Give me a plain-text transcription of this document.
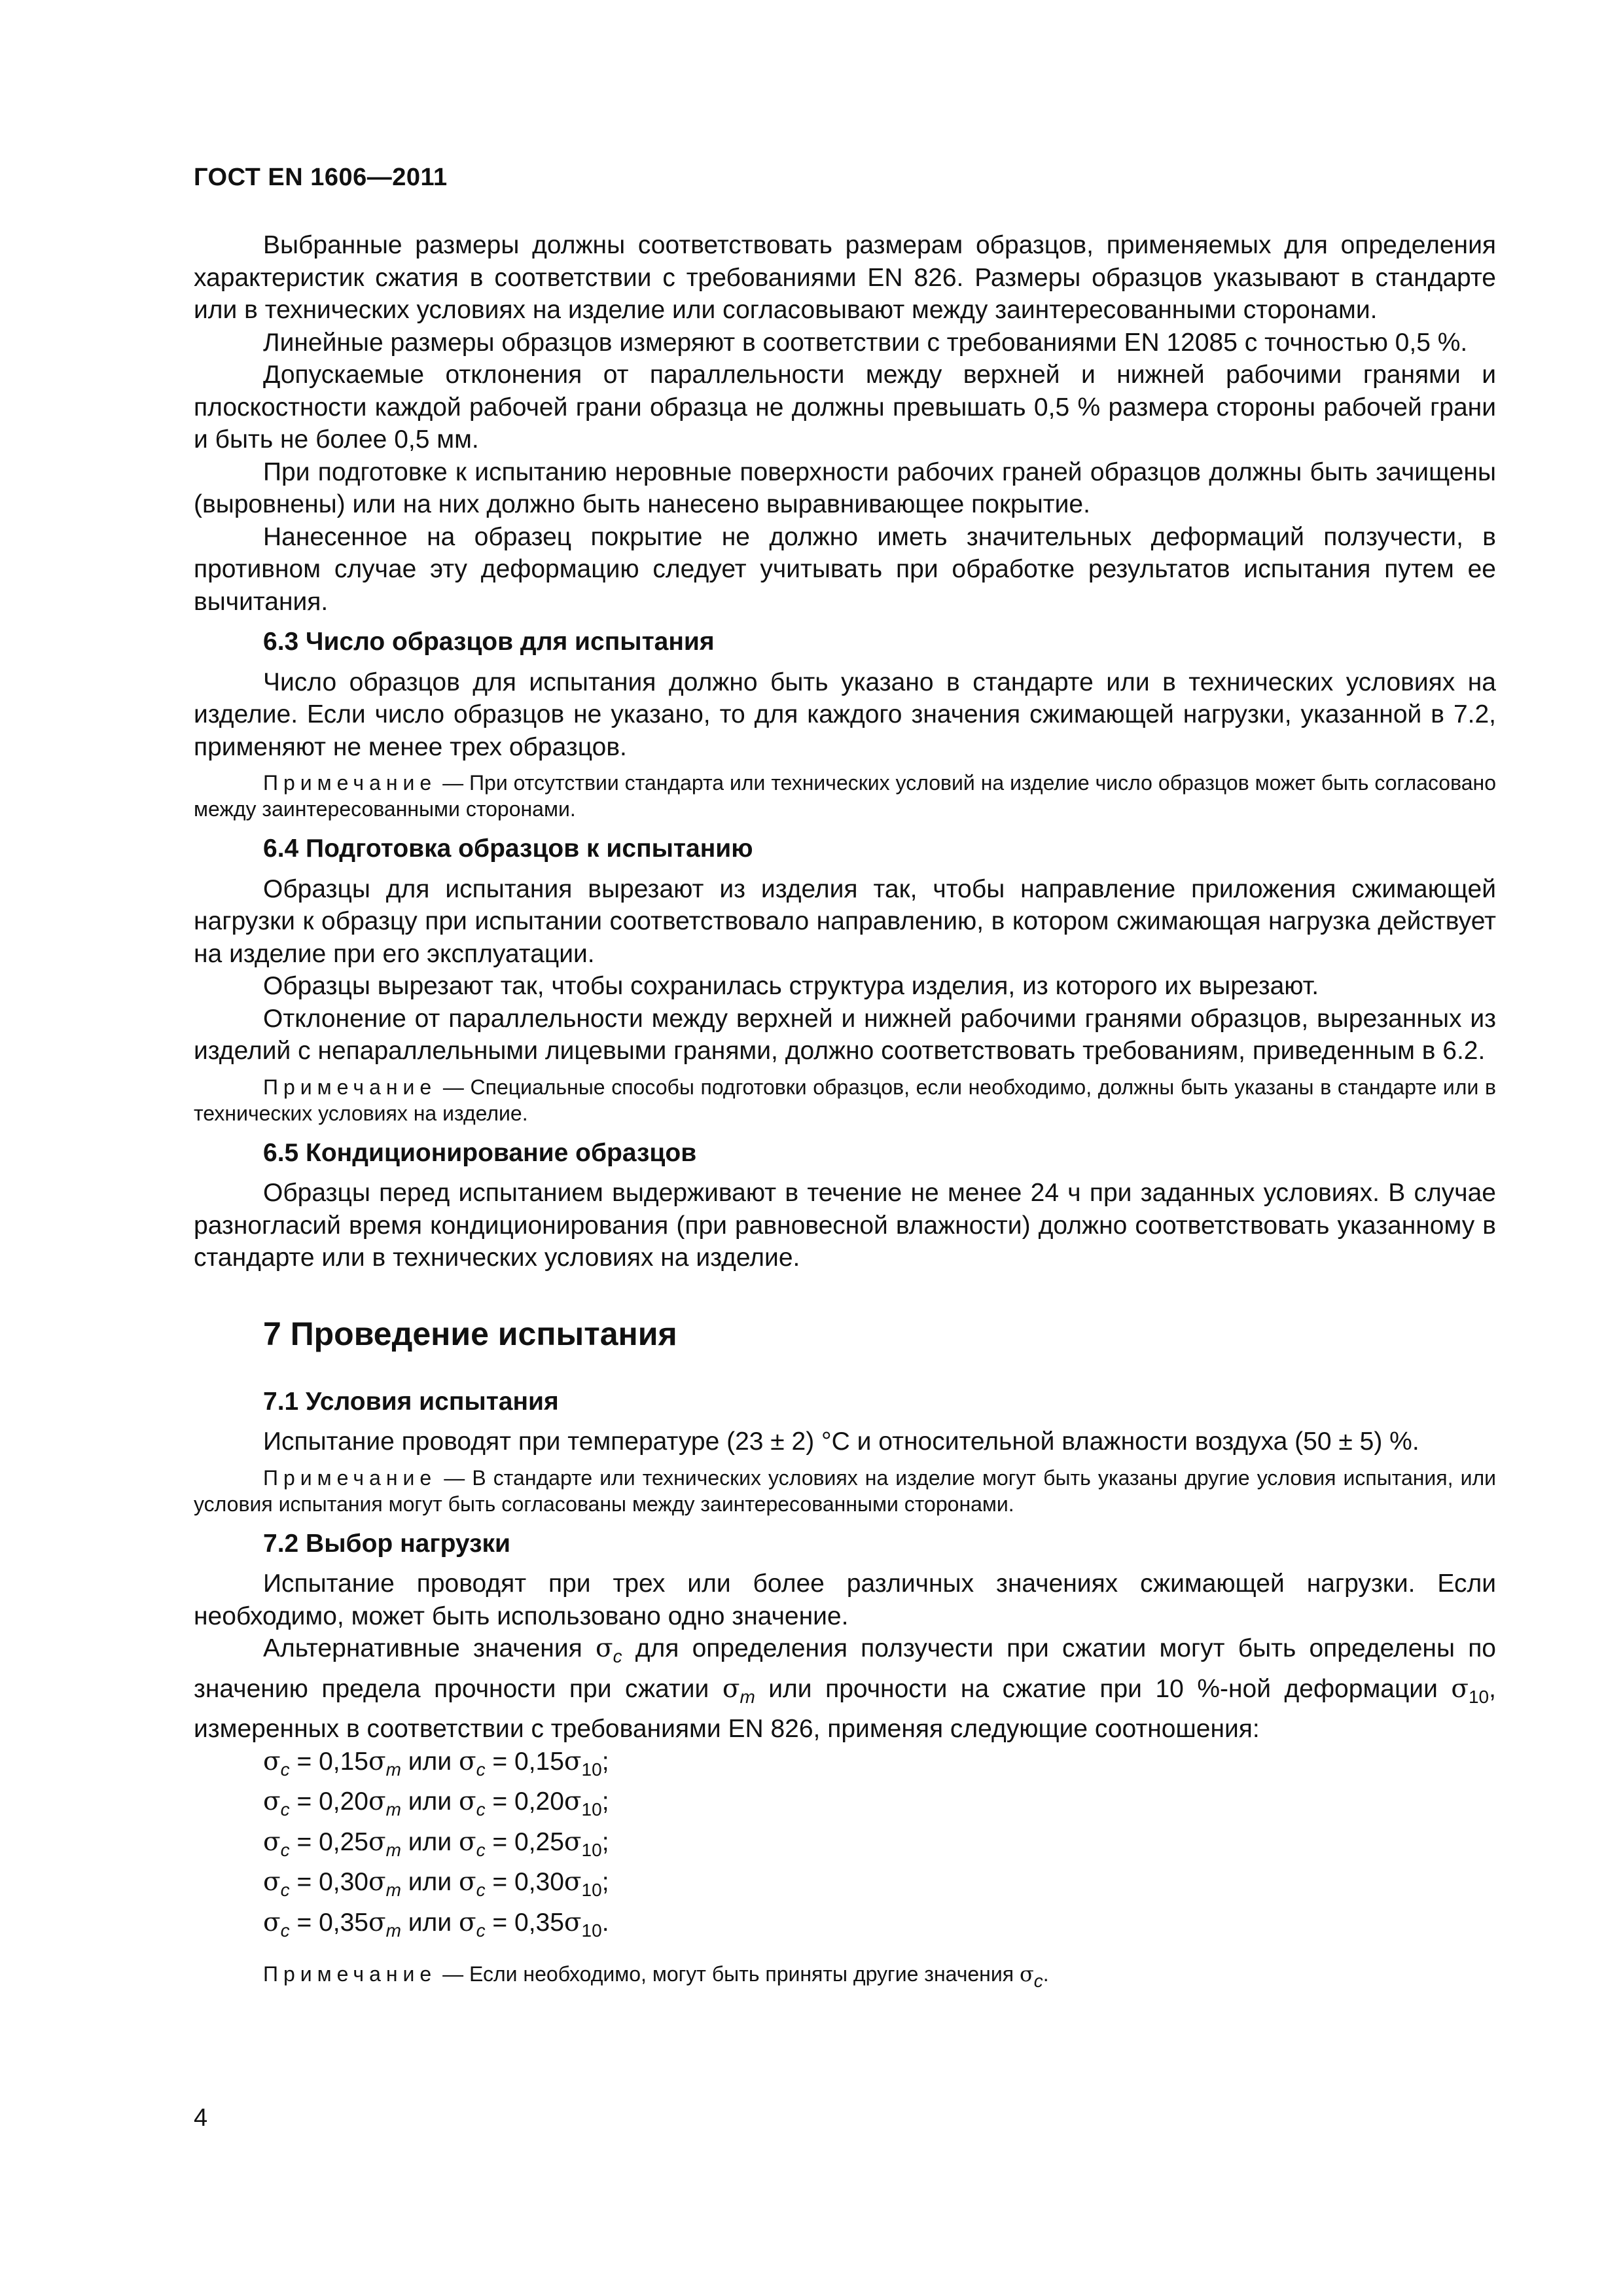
ГОСТ EN 1606—2011

Выбранные размеры должны соответствовать размерам образцов, применяемых для определения характеристик сжатия в соответствии с требованиями EN 826. Размеры образцов указывают в стандарте или в технических условиях на изделие или согласовывают между заинтересованными сторонами.

Линейные размеры образцов измеряют в соответствии с требованиями EN 12085 с точностью 0,5 %.

Допускаемые отклонения от параллельности между верхней и нижней рабочими гранями и плоскостности каждой рабочей грани образца не должны превышать 0,5 % размера стороны рабочей грани и быть не более 0,5 мм.

При подготовке к испытанию неровные поверхности рабочих граней образцов должны быть зачищены (выровнены) или на них должно быть нанесено выравнивающее покрытие.

Нанесенное на образец покрытие не должно иметь значительных деформаций ползучести, в противном случае эту деформацию следует учитывать при обработке результатов испытания путем ее вычитания.

6.3 Число образцов для испытания

Число образцов для испытания должно быть указано в стандарте или в технических условиях на изделие. Если число образцов не указано, то для каждого значения сжимающей нагрузки, указанной в 7.2, применяют не менее трех образцов.

Примечание — При отсутствии стандарта или технических условий на изделие число образцов может быть согласовано между заинтересованными сторонами.

6.4 Подготовка образцов к испытанию

Образцы для испытания вырезают из изделия так, чтобы направление приложения сжимающей нагрузки к образцу при испытании соответствовало направлению, в котором сжимающая нагрузка действует на изделие при его эксплуатации.

Образцы вырезают так, чтобы сохранилась структура изделия, из которого их вырезают.

Отклонение от параллельности между верхней и нижней рабочими гранями образцов, вырезанных из изделий с непараллельными лицевыми гранями, должно соответствовать требованиям, приведенным в 6.2.

Примечание — Специальные способы подготовки образцов, если необходимо, должны быть указаны в стандарте или в технических условиях на изделие.

6.5 Кондиционирование образцов

Образцы перед испытанием выдерживают в течение не менее 24 ч при заданных условиях. В случае разногласий время кондиционирования (при равновесной влажности) должно соответствовать указанному в стандарте или в технических условиях на изделие.

7 Проведение испытания
7.1 Условия испытания

Испытание проводят при температуре (23 ± 2) °С и относительной влажности воздуха (50 ± 5) %.

Примечание — В стандарте или технических условиях на изделие могут быть указаны другие условия испытания, или условия испытания могут быть согласованы между заинтересованными сторонами.

7.2 Выбор нагрузки

Испытание проводят при трех или более различных значениях сжимающей нагрузки. Если необходимо, может быть использовано одно значение.

Альтернативные значения $\sigma_c$ для определения ползучести при сжатии могут быть определены по значению предела прочности при сжатии $\sigma_m$ или прочности на сжатие при 10 %-ной деформации $\sigma_{10}$, измеренных в соответствии с требованиями EN 826, применяя следующие соотношения:

$\sigma_c = 0,15\sigma_m$ или $\sigma_c = 0,15\sigma_{10}$;
$\sigma_c = 0,20\sigma_m$ или $\sigma_c = 0,20\sigma_{10}$;
$\sigma_c = 0,25\sigma_m$ или $\sigma_c = 0,25\sigma_{10}$;
$\sigma_c = 0,30\sigma_m$ или $\sigma_c = 0,30\sigma_{10}$;
$\sigma_c = 0,35\sigma_m$ или $\sigma_c = 0,35\sigma_{10}$.

Примечание — Если необходимо, могут быть приняты другие значения σc.

4
